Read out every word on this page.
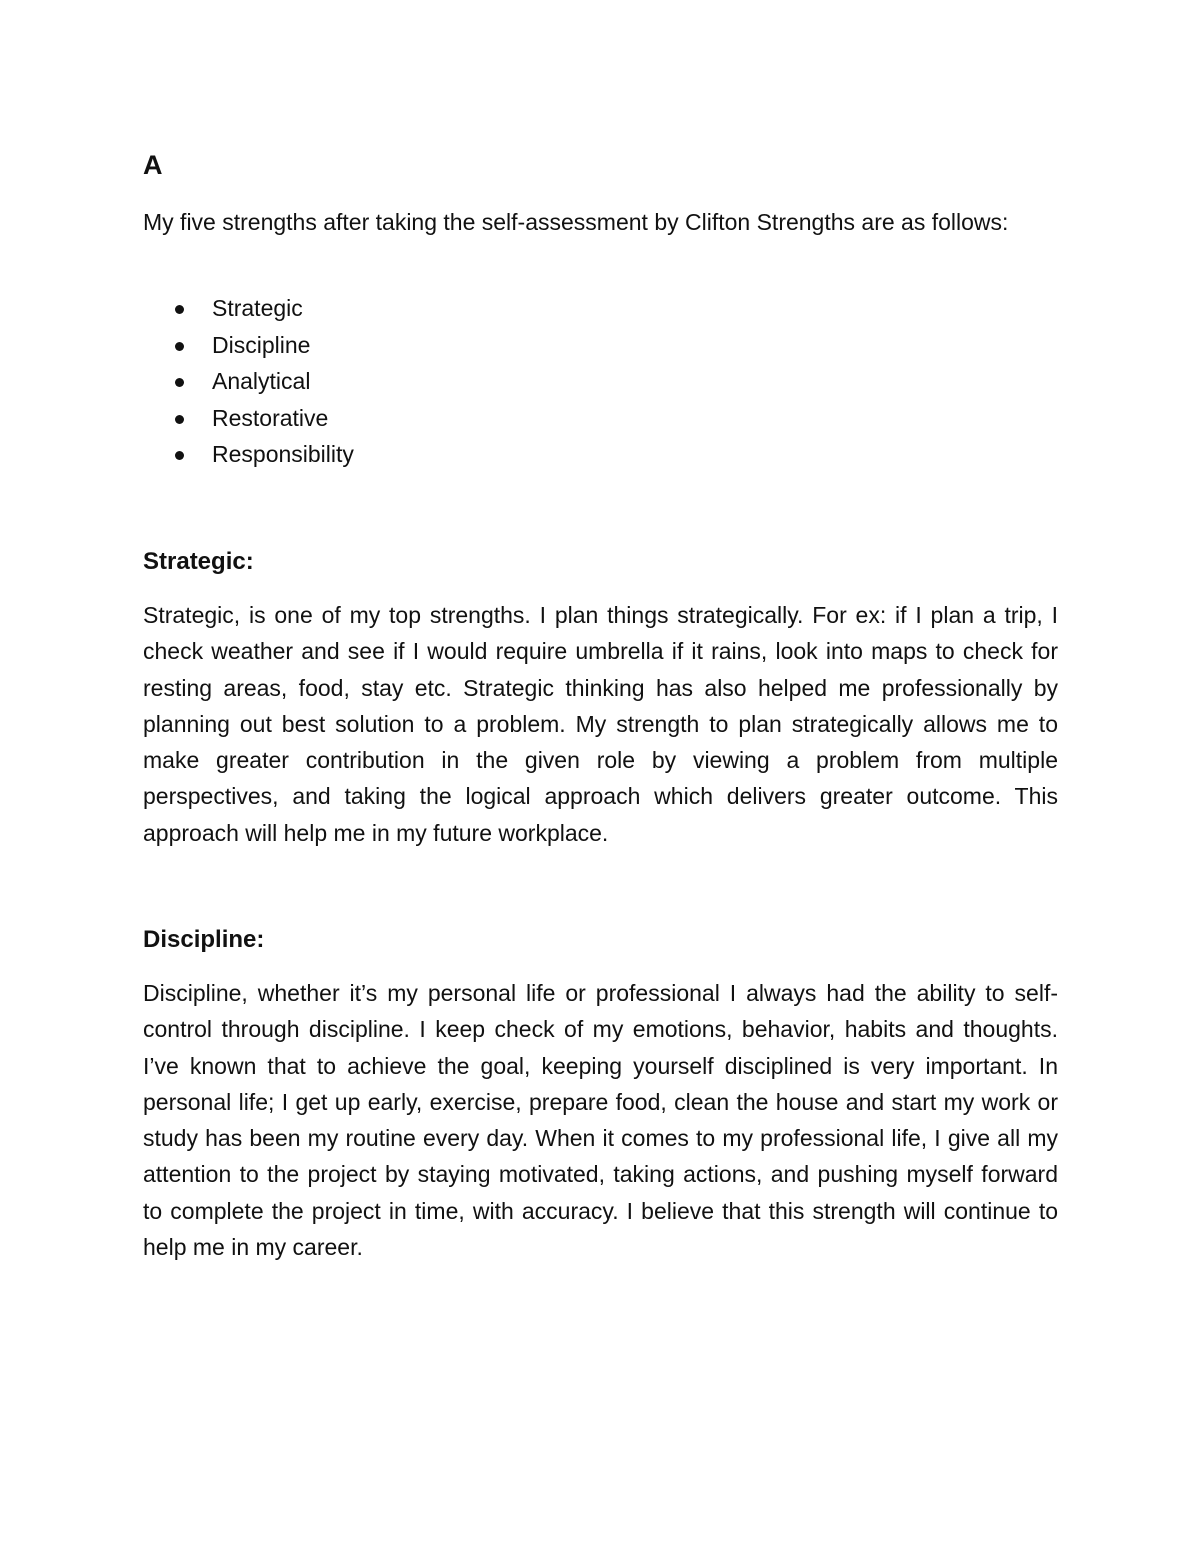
A

My five strengths after taking the self-assessment by Clifton Strengths are as follows:

Strategic
Discipline
Analytical
Restorative
Responsibility
Strategic:

Strategic, is one of my top strengths. I plan things strategically. For ex: if I plan a trip, I check weather and see if I would require umbrella if it rains, look into maps to check for resting areas, food, stay etc. Strategic thinking has also helped me professionally by planning out best solution to a problem. My strength to plan strategically allows me to make greater contribution in the given role by viewing a problem from multiple perspectives, and taking the logical approach which delivers greater outcome. This approach will help me in my future workplace.

Discipline:

Discipline, whether it’s my personal life or professional I always had the ability to self-control through discipline. I keep check of my emotions, behavior, habits and thoughts. I’ve known that to achieve the goal, keeping yourself disciplined is very important. In personal life; I get up early, exercise, prepare food, clean the house and start my work or study has been my routine every day. When it comes to my professional life, I give all my attention to the project by staying motivated, taking actions, and pushing myself forward to complete the project in time, with accuracy. I believe that this strength will continue to help me in my career.
